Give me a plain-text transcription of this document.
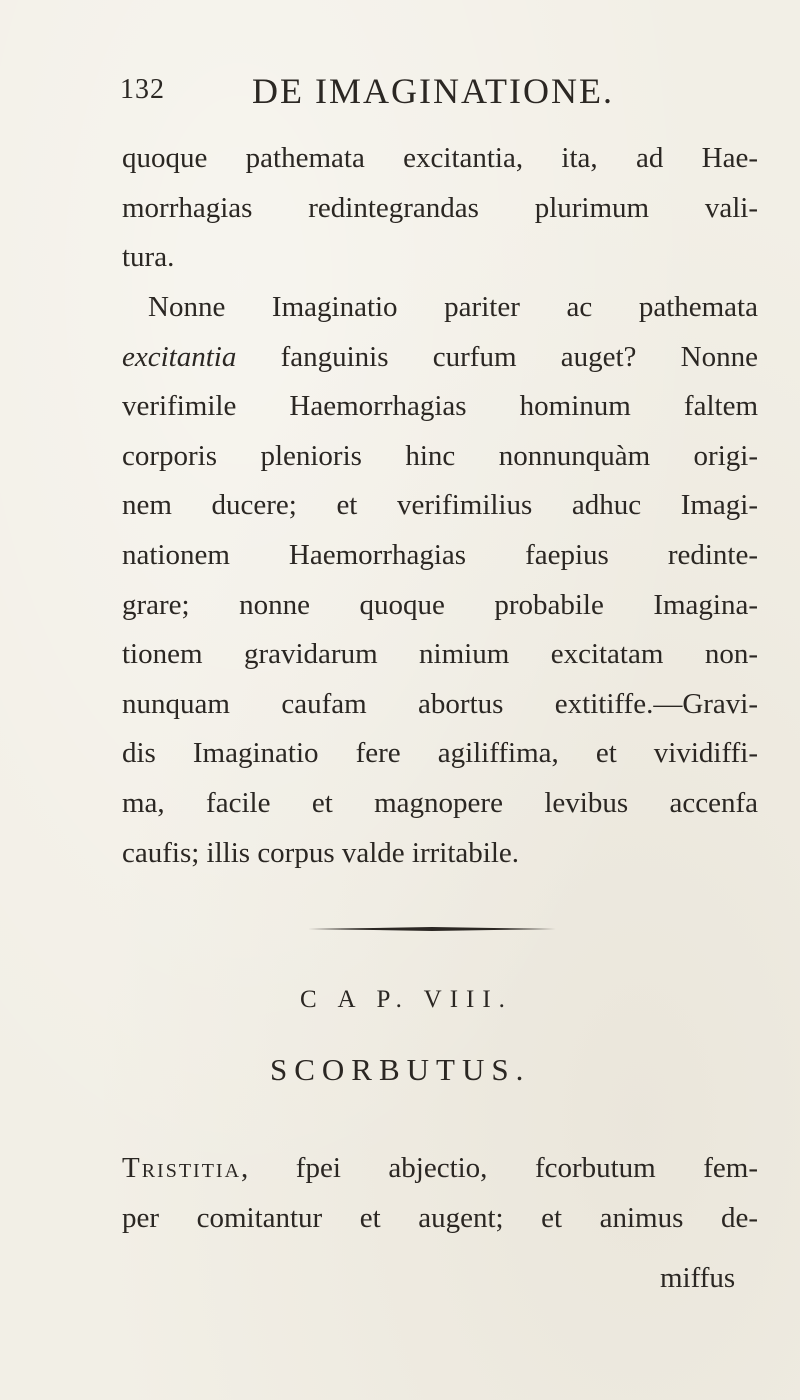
132 DE IMAGINATIONE.
quoque pathemata excitantia, ita, ad Hae-
morrhagias redintegrandas plurimum vali-
tura.
Nonne Imaginatio pariter ac pathemata
excitantia fanguinis curfum auget? Nonne
verifimile Haemorrhagias hominum faltem
corporis plenioris hinc nonnunquàm origi-
nem ducere; et verifimilius adhuc Imagi-
nationem Haemorrhagias faepius redinte-
grare; nonne quoque probabile Imagina-
tionem gravidarum nimium excitatam non-
nunquam caufam abortus extitiffe.—Gravi-
dis Imaginatio fere agiliffima, et vividiffi-
ma, facile et magnopere levibus accenfa
caufis; illis corpus valde irritabile.
C A P. VIII.
SCORBUTUS.
Tristitia, fpei abjectio, fcorbutum fem-
per comitantur et augent; et animus de-
miffus
